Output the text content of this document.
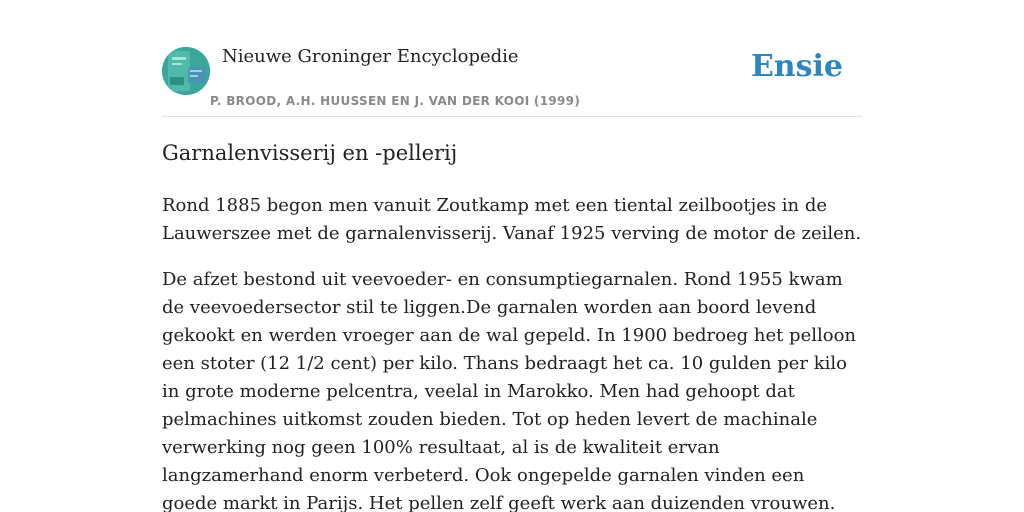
Nieuwe Groninger Encyclopedie
P. BROOD, A.H. HUUSSEN EN J. VAN DER KOOI (1999)
Ensie
Garnalenvisserij en -pellerij

Rond 1885 begon men vanuit Zoutkamp met een tiental zeilbootjes in de Lauwerszee met de garnalenvisserij. Vanaf 1925 verving de motor de zeilen.

De afzet bestond uit veevoeder- en consumptiegarnalen. Rond 1955 kwam de veevoedersector stil te liggen.De garnalen worden aan boord levend gekookt en werden vroeger aan de wal gepeld. In 1900 bedroeg het pelloon een stoter (12 1/2 cent) per kilo. Thans bedraagt het ca. 10 gulden per kilo in grote moderne pelcentra, veelal in Marokko. Men had gehoopt dat pelmachines uitkomst zouden bieden. Tot op heden levert de machinale verwerking nog geen 100% resultaat, al is de kwaliteit ervan langzamerhand enorm verbeterd. Ook ongepelde garnalen vinden een goede markt in Parijs. Het pellen zelf geeft werk aan duizenden vrouwen.
